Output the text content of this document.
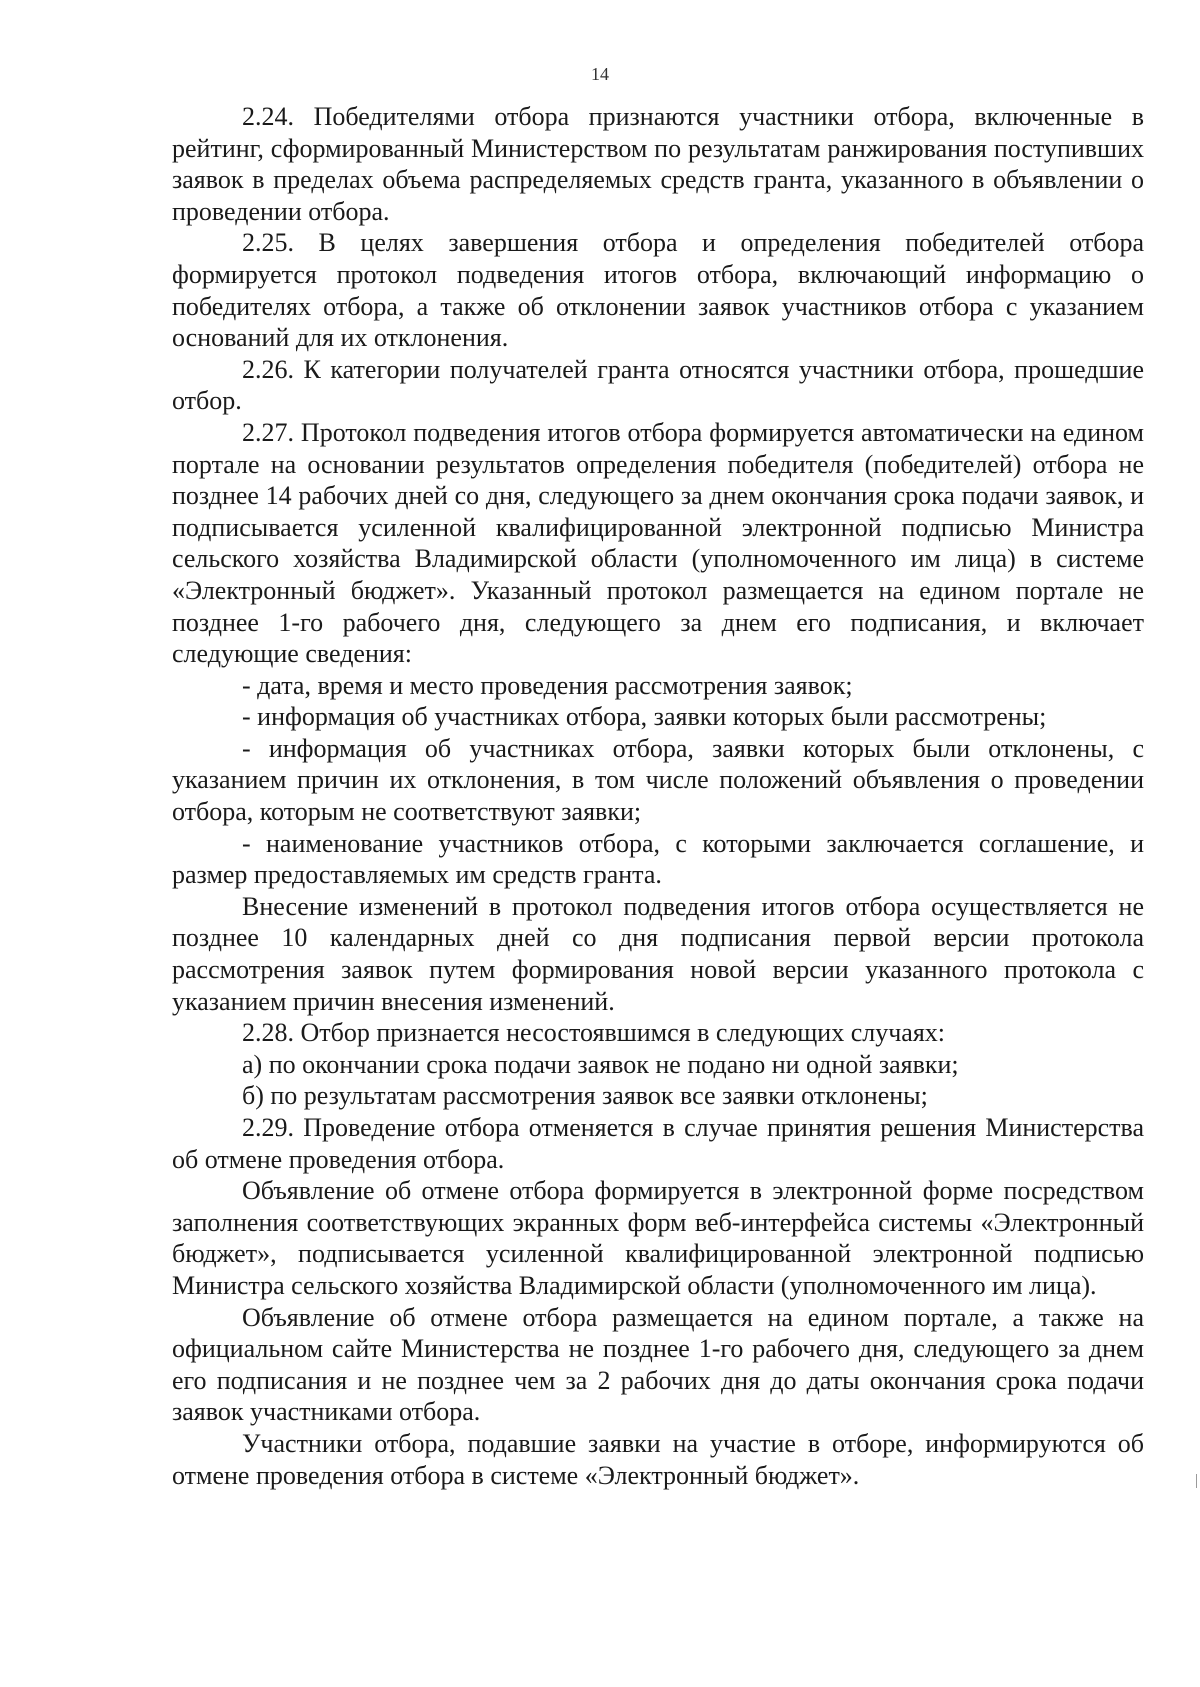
14

2.24. Победителями отбора признаются участники отбора, включенные в рейтинг, сформированный Министерством по результатам ранжирования поступивших заявок в пределах объема распределяемых средств гранта, указанного в объявлении о проведении отбора.

2.25. В целях завершения отбора и определения победителей отбора формируется протокол подведения итогов отбора, включающий информацию о победителях отбора, а также об отклонении заявок участников отбора с указанием оснований для их отклонения.

2.26. К категории получателей гранта относятся участники отбора, прошедшие отбор.

2.27. Протокол подведения итогов отбора формируется автоматически на едином портале на основании результатов определения победителя (победителей) отбора не позднее 14 рабочих дней со дня, следующего за днем окончания срока подачи заявок, и подписывается усиленной квалифицированной электронной подписью Министра сельского хозяйства Владимирской области (уполномоченного им лица) в системе «Электронный бюджет». Указанный протокол размещается на едином портале не позднее 1-го рабочего дня, следующего за днем его подписания, и включает следующие сведения:

- дата, время и место проведения рассмотрения заявок;

- информация об участниках отбора, заявки которых были рассмотрены;

- информация об участниках отбора, заявки которых были отклонены, с указанием причин их отклонения, в том числе положений объявления о проведении отбора, которым не соответствуют заявки;

- наименование участников отбора, с которыми заключается соглашение, и размер предоставляемых им средств гранта.

Внесение изменений в протокол подведения итогов отбора осуществляется не позднее 10 календарных дней со дня подписания первой версии протокола рассмотрения заявок путем формирования новой версии указанного протокола с указанием причин внесения изменений.

2.28. Отбор признается несостоявшимся в следующих случаях:

а) по окончании срока подачи заявок не подано ни одной заявки;

б) по результатам рассмотрения заявок все заявки отклонены;

2.29. Проведение отбора отменяется в случае принятия решения Министерства об отмене проведения отбора.

Объявление об отмене отбора формируется в электронной форме посредством заполнения соответствующих экранных форм веб-интерфейса системы «Электронный бюджет», подписывается усиленной квалифицированной электронной подписью Министра сельского хозяйства Владимирской области (уполномоченного им лица).

Объявление об отмене отбора размещается на едином портале, а также на официальном сайте Министерства не позднее 1-го рабочего дня, следующего за днем его подписания и не позднее чем за 2 рабочих дня до даты окончания срока подачи заявок участниками отбора.

Участники отбора, подавшие заявки на участие в отборе, информируются об отмене проведения отбора в системе «Электронный бюджет».
